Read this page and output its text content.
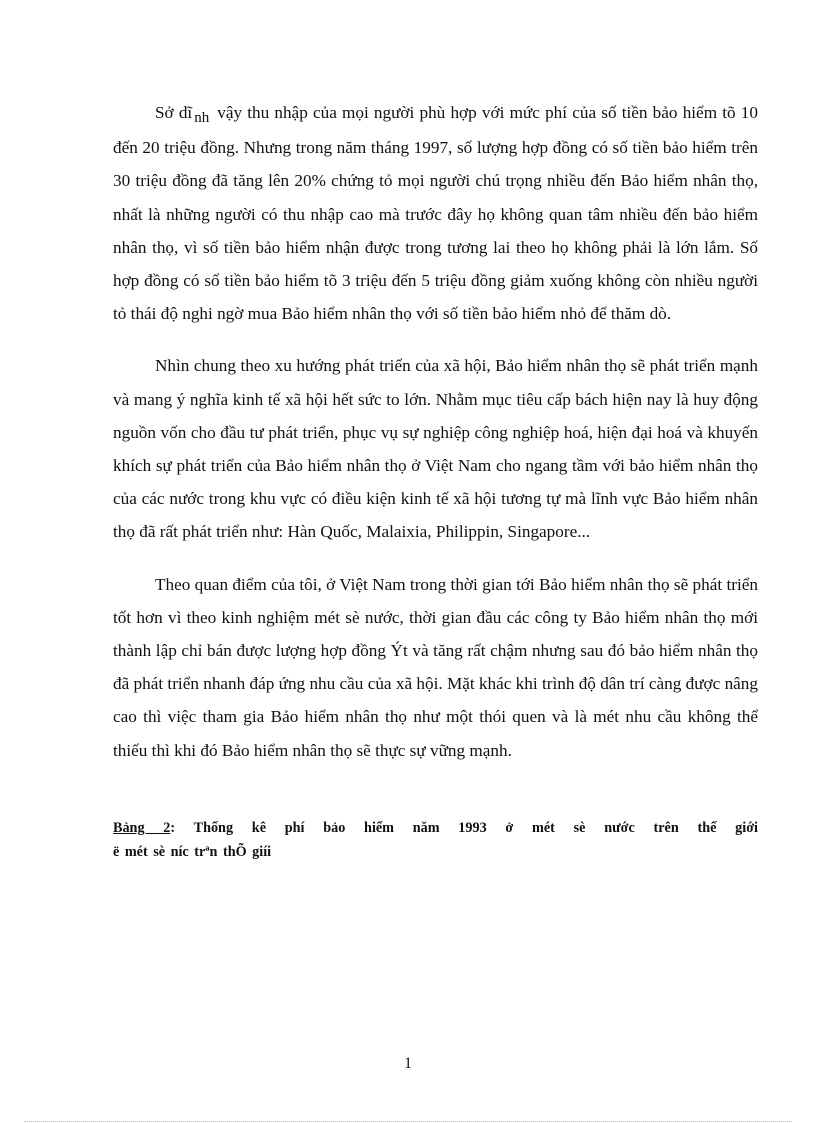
Sở dĩ nh vậy thu nhập của mọi người phù hợp với mức phí của số tiền bảo hiểm tõ 10 đến 20 triệu đồng. Nhưng trong năm tháng 1997, số lượng hợp đồng có số tiền bảo hiểm trên 30 triệu đồng đã tăng lên 20% chứng tỏ mọi người chú trọng nhiều đến Bảo hiểm nhân thọ, nhất là những người có thu nhập cao mà trước đây họ không quan tâm nhiều đến bảo hiểm nhân thọ, vì số tiền bảo hiểm nhận được trong tương lai theo họ không phải là lớn lắm. Số hợp đồng có số tiền bảo hiểm tõ 3 triệu đến 5 triệu đồng giảm xuống không còn nhiều người tỏ thái độ nghi ngờ mua Bảo hiểm nhân thọ với số tiền bảo hiểm nhỏ để thăm dò.

Nhìn chung theo xu hướng phát triển của xã hội, Bảo hiểm nhân thọ sẽ phát triển mạnh và mang ý nghĩa kinh tế xã hội hết sức to lớn. Nhằm mục tiêu cấp bách hiện nay là huy động nguồn vốn cho đầu tư phát triển, phục vụ sự nghiệp công nghiệp hoá, hiện đại hoá và khuyến khích sự phát triển của Bảo hiểm nhân thọ ở Việt Nam cho ngang tầm với bảo hiểm nhân thọ của các nước trong khu vực có điều kiện kinh tế xã hội tương tự mà lĩnh vực Bảo hiểm nhân thọ đã rất phát triển như: Hàn Quốc, Malaixia, Philippin, Singapore...

Theo quan điểm của tôi, ở Việt Nam trong thời gian tới Bảo hiểm nhân thọ sẽ phát triển tốt hơn vì theo kinh nghiệm mét sè nước, thời gian đầu các công ty Bảo hiểm nhân thọ mới thành lập chỉ bán được lượng hợp đồng Ýt và tăng rất chậm nhưng sau đó bảo hiểm nhân thọ đã phát triển nhanh đáp ứng nhu cầu của xã hội. Mặt khác khi trình độ dân trí càng được nâng cao thì việc tham gia Bảo hiểm nhân thọ như một thói quen và là mét nhu cầu không thể thiếu thì khi đó Bảo hiểm nhân thọ sẽ thực sự vững mạnh.

Bảng 2: Thống kê phí bảo hiểm năm 1993 ở mét sè nước trên thế giới
ë mét sè níc trªn thÕ giíi
1
